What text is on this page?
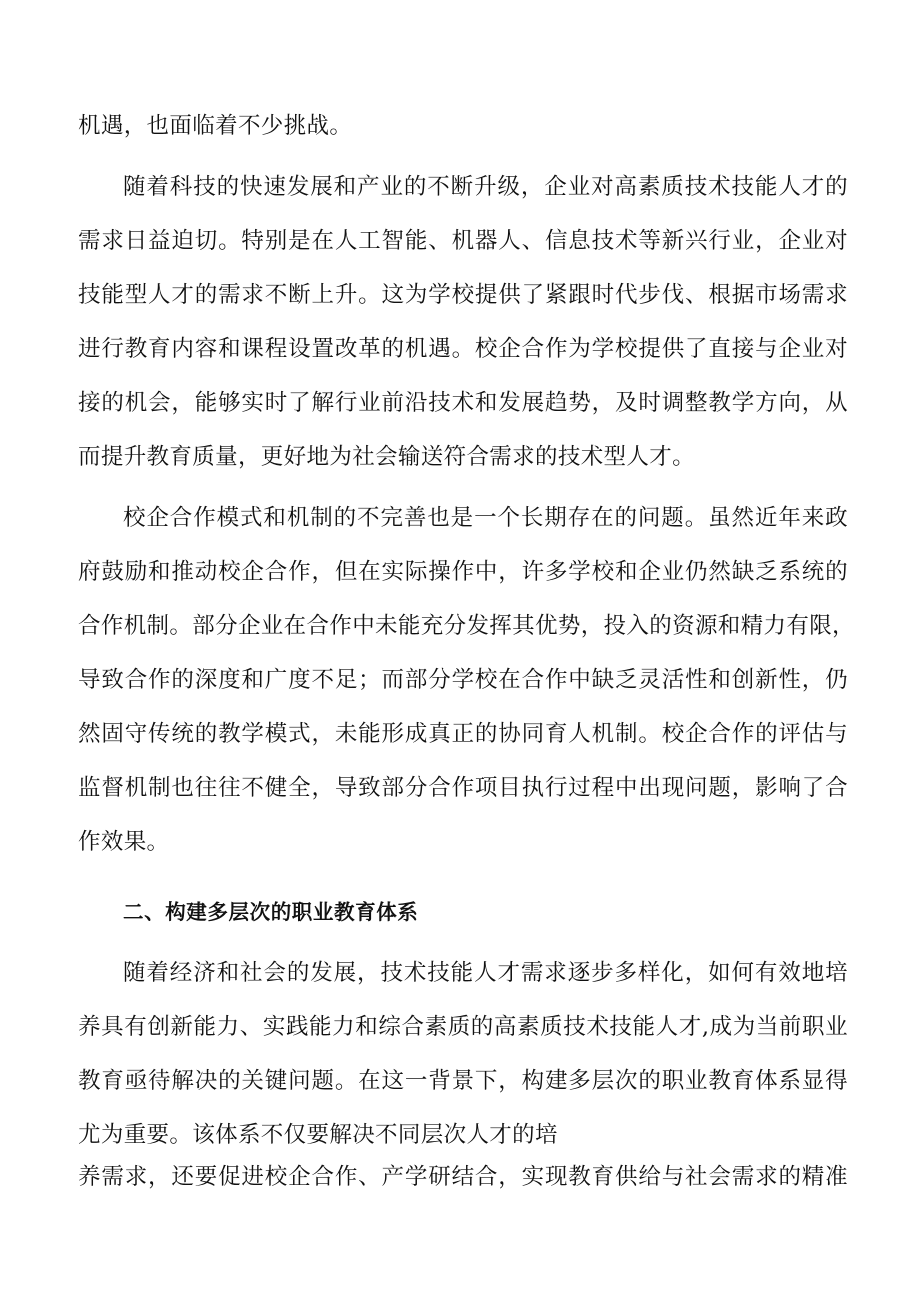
机遇，也面临着不少挑战。
随着科技的快速发展和产业的不断升级，企业对高素质技术技能人才的
需求日益迫切。特别是在人工智能、机器人、信息技术等新兴行业，企业对
技能型人才的需求不断上升。这为学校提供了紧跟时代步伐、根据市场需求
进行教育内容和课程设置改革的机遇。校企合作为学校提供了直接与企业对
接的机会，能够实时了解行业前沿技术和发展趋势，及时调整教学方向，从
而提升教育质量，更好地为社会输送符合需求的技术型人才。
校企合作模式和机制的不完善也是一个长期存在的问题。虽然近年来政
府鼓励和推动校企合作，但在实际操作中，许多学校和企业仍然缺乏系统的
合作机制。部分企业在合作中未能充分发挥其优势，投入的资源和精力有限，
导致合作的深度和广度不足；而部分学校在合作中缺乏灵活性和创新性，仍
然固守传统的教学模式，未能形成真正的协同育人机制。校企合作的评估与
监督机制也往往不健全，导致部分合作项目执行过程中出现问题，影响了合
作效果。
二、构建多层次的职业教育体系
随着经济和社会的发展，技术技能人才需求逐步多样化，如何有效地培
养具有创新能力、实践能力和综合素质的高素质技术技能人才,成为当前职业
教育亟待解决的关键问题。在这一背景下，构建多层次的职业教育体系显得
尤为重要。该体系不仅要解决不同层次人才的培
养需求，还要促进校企合作、产学研结合，实现教育供给与社会需求的精准
